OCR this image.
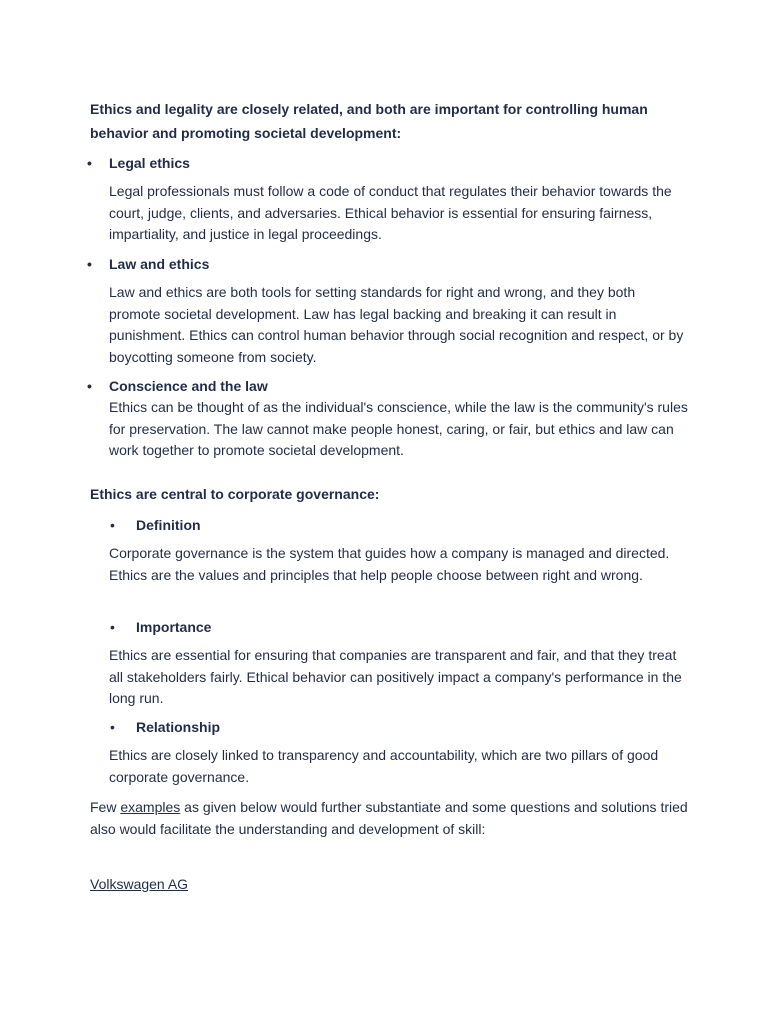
Ethics and legality are closely related, and both are important for controlling human behavior and promoting societal development:

• Legal ethics

Legal professionals must follow a code of conduct that regulates their behavior towards the court, judge, clients, and adversaries. Ethical behavior is essential for ensuring fairness, impartiality, and justice in legal proceedings.

• Law and ethics

Law and ethics are both tools for setting standards for right and wrong, and they both promote societal development. Law has legal backing and breaking it can result in punishment. Ethics can control human behavior through social recognition and respect, or by boycotting someone from society.

• Conscience and the law

Ethics can be thought of as the individual's conscience, while the law is the community's rules for preservation. The law cannot make people honest, caring, or fair, but ethics and law can work together to promote societal development.

Ethics are central to corporate governance:

• Definition

Corporate governance is the system that guides how a company is managed and directed. Ethics are the values and principles that help people choose between right and wrong.

• Importance

Ethics are essential for ensuring that companies are transparent and fair, and that they treat all stakeholders fairly. Ethical behavior can positively impact a company's performance in the long run.

• Relationship

Ethics are closely linked to transparency and accountability, which are two pillars of good corporate governance.

Few examples as given below would further substantiate and some questions and solutions tried also would facilitate the understanding and development of skill:

Volkswagen AG
